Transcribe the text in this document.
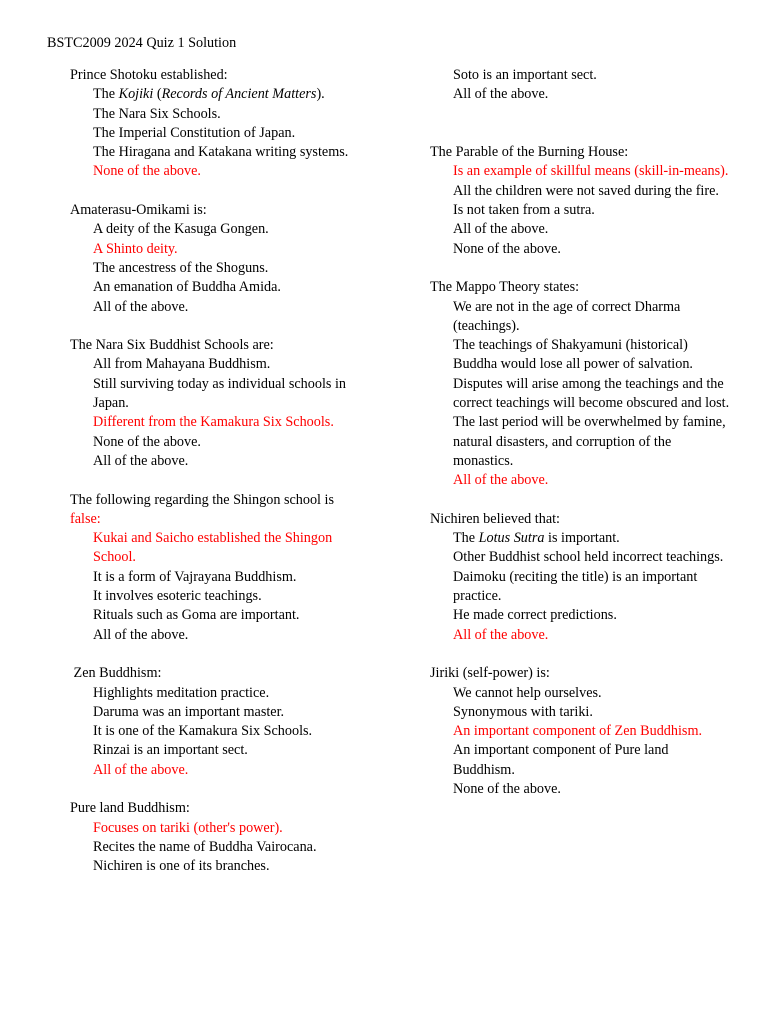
BSTC2009 2024 Quiz 1 Solution
Prince Shotoku established:
The Kojiki (Records of Ancient Matters).
The Nara Six Schools.
The Imperial Constitution of Japan.
The Hiragana and Katakana writing systems.
None of the above.
Amaterasu-Omikami is:
A deity of the Kasuga Gongen.
A Shinto deity.
The ancestress of the Shoguns.
An emanation of Buddha Amida.
All of the above.
The Nara Six Buddhist Schools are:
All from Mahayana Buddhism.
Still surviving today as individual schools in Japan.
Different from the Kamakura Six Schools.
None of the above.
All of the above.
The following regarding the Shingon school is
false:
Kukai and Saicho established the Shingon School.
It is a form of Vajrayana Buddhism.
It involves esoteric teachings.
Rituals such as Goma are important.
All of the above.
Zen Buddhism:
Highlights meditation practice.
Daruma was an important master.
It is one of the Kamakura Six Schools.
Rinzai is an important sect.
All of the above.
Pure land Buddhism:
Focuses on tariki (other's power).
Recites the name of Buddha Vairocana.
Nichiren is one of its branches.
Soto is an important sect.
All of the above.
The Parable of the Burning House:
Is an example of skillful means (skill-in-means).
All the children were not saved during the fire.
Is not taken from a sutra.
All of the above.
None of the above.
The Mappo Theory states:
We are not in the age of correct Dharma (teachings).
The teachings of Shakyamuni (historical) Buddha would lose all power of salvation.
Disputes will arise among the teachings and the correct teachings will become obscured and lost.
The last period will be overwhelmed by famine, natural disasters, and corruption of the monastics.
All of the above.
Nichiren believed that:
The Lotus Sutra is important.
Other Buddhist school held incorrect teachings.
Daimoku (reciting the title) is an important practice.
He made correct predictions.
All of the above.
Jiriki (self-power) is:
We cannot help ourselves.
Synonymous with tariki.
An important component of Zen Buddhism.
An important component of Pure land Buddhism.
None of the above.
